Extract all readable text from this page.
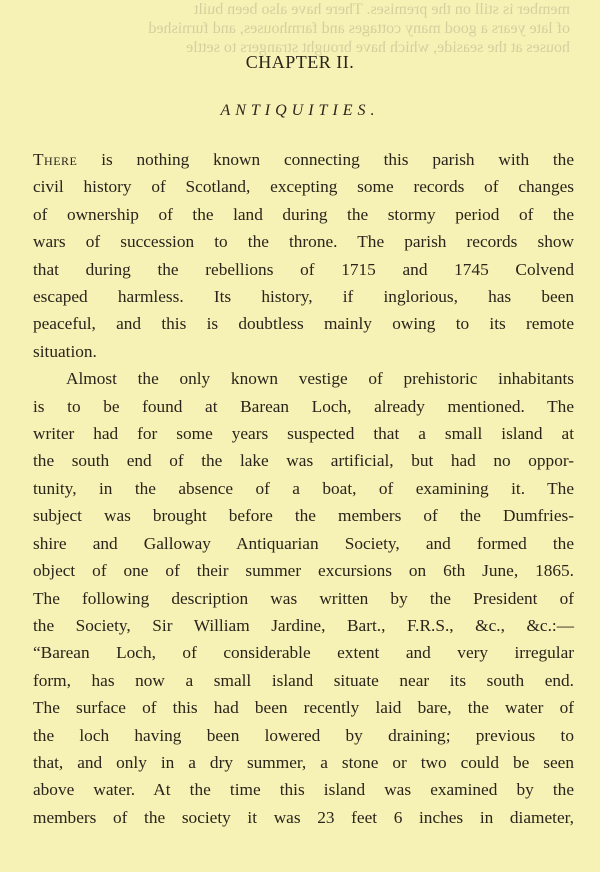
member is still on the premises. There have also been built
of late years a good many cottages and farmhouses, and furnished
houses at the seaside, which have brought strangers to settle
CHAPTER II.
ANTIQUITIES.

There is nothing known connecting this parish with the
civil history of Scotland, excepting some records of changes
of ownership of the land during the stormy period of the
wars of succession to the throne. The parish records show
that during the rebellions of 1715 and 1745 Colvend
escaped harmless. Its history, if inglorious, has been
peaceful, and this is doubtless mainly owing to its remote
situation.

Almost the only known vestige of prehistoric inhabitants
is to be found at Barean Loch, already mentioned. The
writer had for some years suspected that a small island at
the south end of the lake was artificial, but had no oppor-
tunity, in the absence of a boat, of examining it. The
subject was brought before the members of the Dumfries-
shire and Galloway Antiquarian Society, and formed the
object of one of their summer excursions on 6th June, 1865.
The following description was written by the President of
the Society, Sir William Jardine, Bart., F.R.S., &c., &c.:—
“Barean Loch, of considerable extent and very irregular
form, has now a small island situate near its south end.
The surface of this had been recently laid bare, the water of
the loch having been lowered by draining; previous to
that, and only in a dry summer, a stone or two could be seen
above water. At the time this island was examined by the
members of the society it was 23 feet 6 inches in diameter,
